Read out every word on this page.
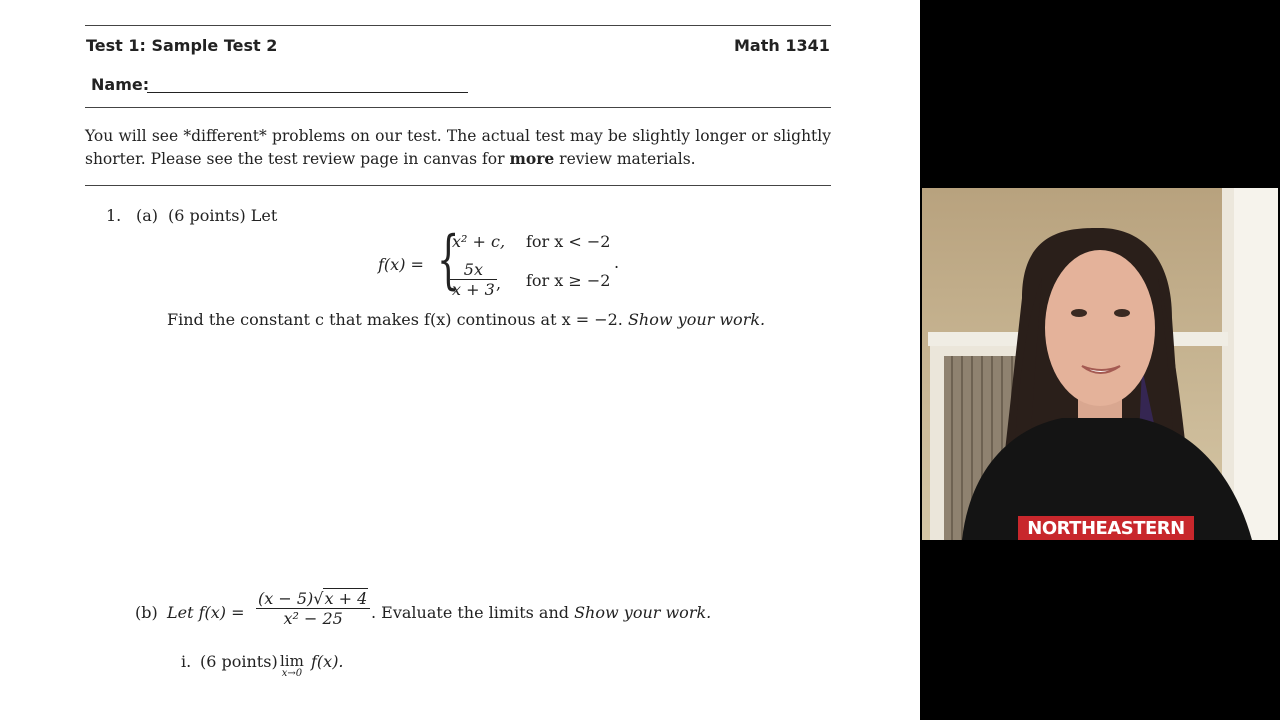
Test 1: Sample Test 2	Math 1341
Name:
You will see *different* problems on our test. The actual test may be slightly longer or slightly shorter. Please see the test review page in canvas for more review materials.
1. (a) (6 points) Let
f(x) = {
x² + c, for x < −2
$\frac{5x}{x + 3}$ , for x ≥ −2
.
Find the constant c that makes f(x) continous at x = −2. Show your work.
(b) Let $f(x) = \frac{(x - 5)√x + 4}{\text{x² − 25}}$ . Evaluate the limits and Show your work.
i. (6 points) lim
x→0
f(x).
NORTHEASTERN
